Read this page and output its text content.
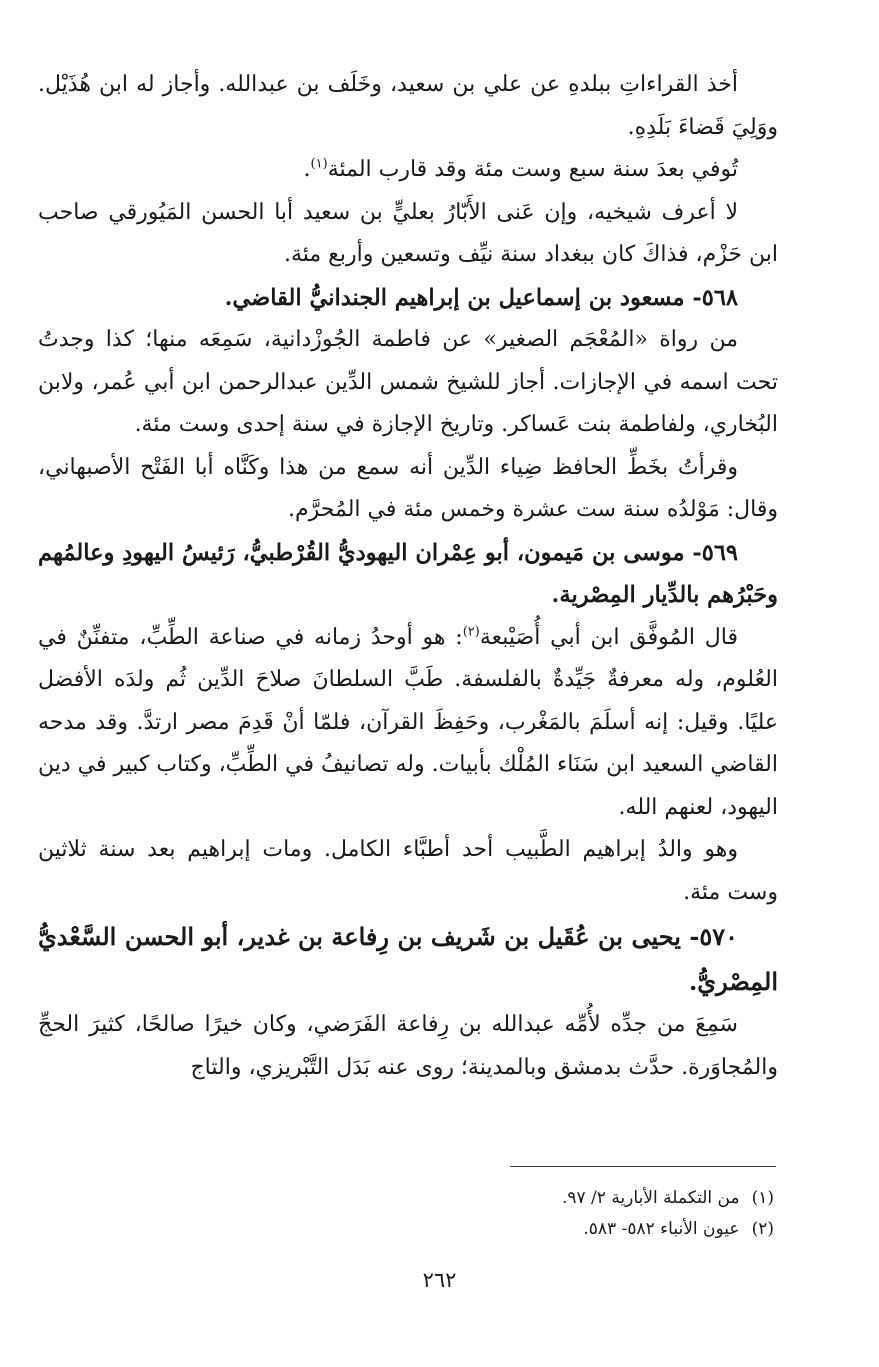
أخذ القراءاتِ ببلدهِ عن علي بن سعيد، وخَلَف بن عبدالله. وأجاز له ابن هُذَيْل. ووَلِيَ قَضاءَ بَلَدِهِ.

تُوفي بعدَ سنة سبع وست مئة وقد قارب المئة$^{(١)}$.

لا أعرف شيخيه، وإن عَنى الأَبّارُ بعليٍّ بن سعيد أبا الحسن المَيُورقي صاحب ابن حَزْم، فذاكَ كان ببغداد سنة نيِّف وتسعين وأربع مئة.

٥٦٨- مسعود بن إسماعيل بن إبراهيم الجندانيُّ القاضي.

من رواة «المُعْجَم الصغير» عن فاطمة الجُوزْدانية، سَمِعَه منها؛ كذا وجدتُ تحت اسمه في الإجازات. أجاز للشيخ شمس الدِّين عبدالرحمن ابن أبي عُمر، ولابن البُخاري، ولفاطمة بنت عَساكر. وتاريخ الإجازة في سنة إحدى وست مئة.

وقرأتُ بخَطِّ الحافظ ضِياء الدِّين أنه سمع من هذا وكَنَّاه أبا الفَتْح الأصبهاني، وقال: مَوْلدُه سنة ست عشرة وخمس مئة في المُحرَّم.

٥٦٩- موسى بن مَيمون، أبو عِمْران اليهوديُّ القُرْطبيُّ، رَئيسُ اليهودِ وعالمُهم وحَبْرُهم بالدِّيار المِصْرية.

قال المُوفَّق ابن أبي أُصَيْبعة$^{(٢)}$: هو أوحدُ زمانه في صناعة الطِّبِّ، متفنِّنٌ في العُلوم، وله معرفةٌ جَيِّدةٌ بالفلسفة. طَبَّ السلطانَ صلاحَ الدِّين ثُم ولدَه الأفضل عليًا. وقيل: إنه أسلَمَ بالمَغْرب، وحَفِظَ القرآن، فلمّا أنْ قَدِمَ مصر ارتدَّ. وقد مدحه القاضي السعيد ابن سَنَاء المُلْك بأبيات. وله تصانيفُ في الطِّبِّ، وكتاب كبير في دين اليهود، لعنهم الله.

وهو والدُ إبراهيم الطَّبيب أحد أطبَّاء الكامل. ومات إبراهيم بعد سنة ثلاثين وست مئة.

٥٧٠- يحيى بن عُقَيل بن شَريف بن رِفاعة بن غدير، أبو الحسن السَّعْديُّ المِصْريُّ.

سَمِعَ من جدِّه لأُمِّه عبدالله بن رِفاعة الفَرَضي، وكان خيرًا صالحًا، كثيرَ الحجِّ والمُجاوَرة. حدَّث بدمشق وبالمدينة؛ روى عنه بَدَل التَّبْريزي، والتاج

(١)
من التكملة الأبارية ٢/ ٩٧.
(٢)
عيون الأنباء ٥٨٢- ٥٨٣.
٢٦٢
